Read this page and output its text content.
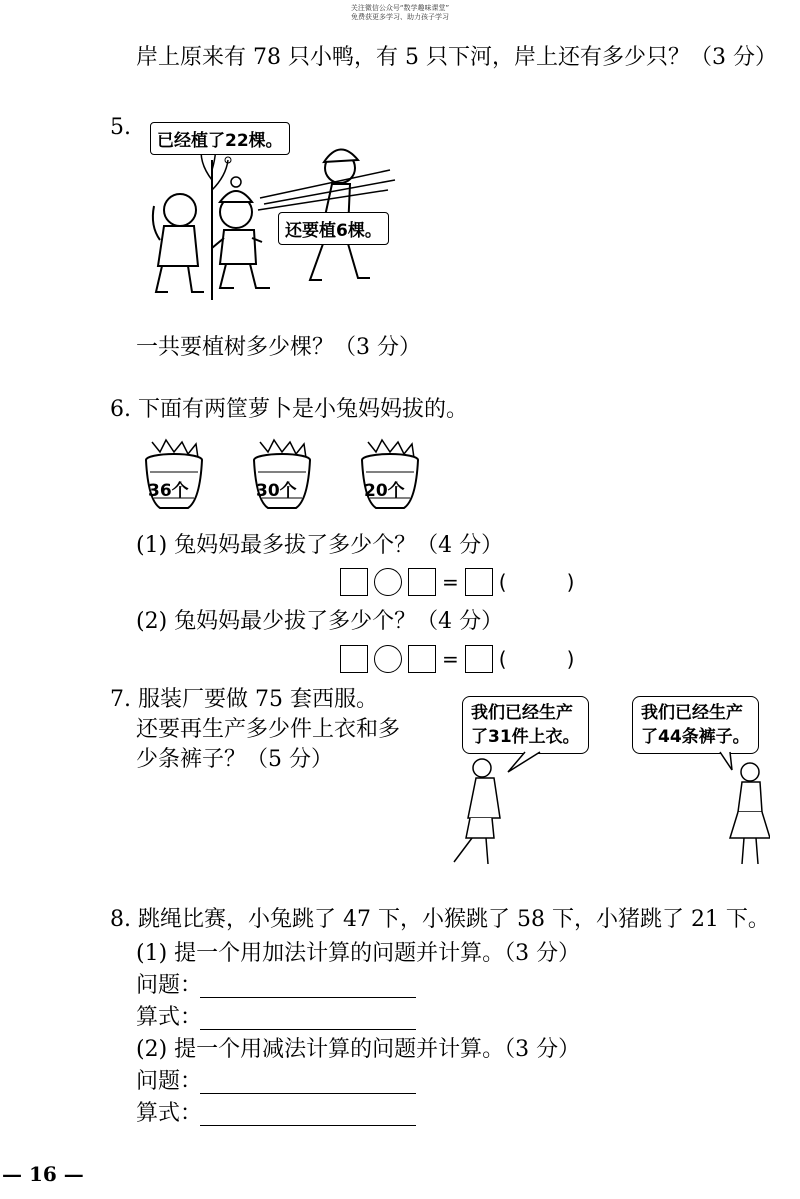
关注微信公众号“数学趣味课堂”
免费获更多学习、助力孩子学习
岸上原来有 78 只小鸭，有 5 只下河，岸上还有多少只？（3 分）
5.
已经植了22棵。
还要植6棵。
一共要植树多少棵？（3 分）
6. 下面有两筐萝卜是小兔妈妈拔的。
36个	30个	20个
(1) 兔妈妈最多拔了多少个？（4 分）
= (	)
(2) 兔妈妈最少拔了多少个？（4 分）
= (	)
7. 服装厂要做 75 套西服。
还要再生产多少件上衣和多
少条裤子？（5 分）
我们已经生产
了31件上衣。
我们已经生产
了44条裤子。
8. 跳绳比赛，小兔跳了 47 下，小猴跳了 58 下，小猪跳了 21 下。
(1) 提一个用加法计算的问题并计算。（3 分）
问题：
算式：
(2) 提一个用减法计算的问题并计算。（3 分）
问题：
算式：
— 16 —
